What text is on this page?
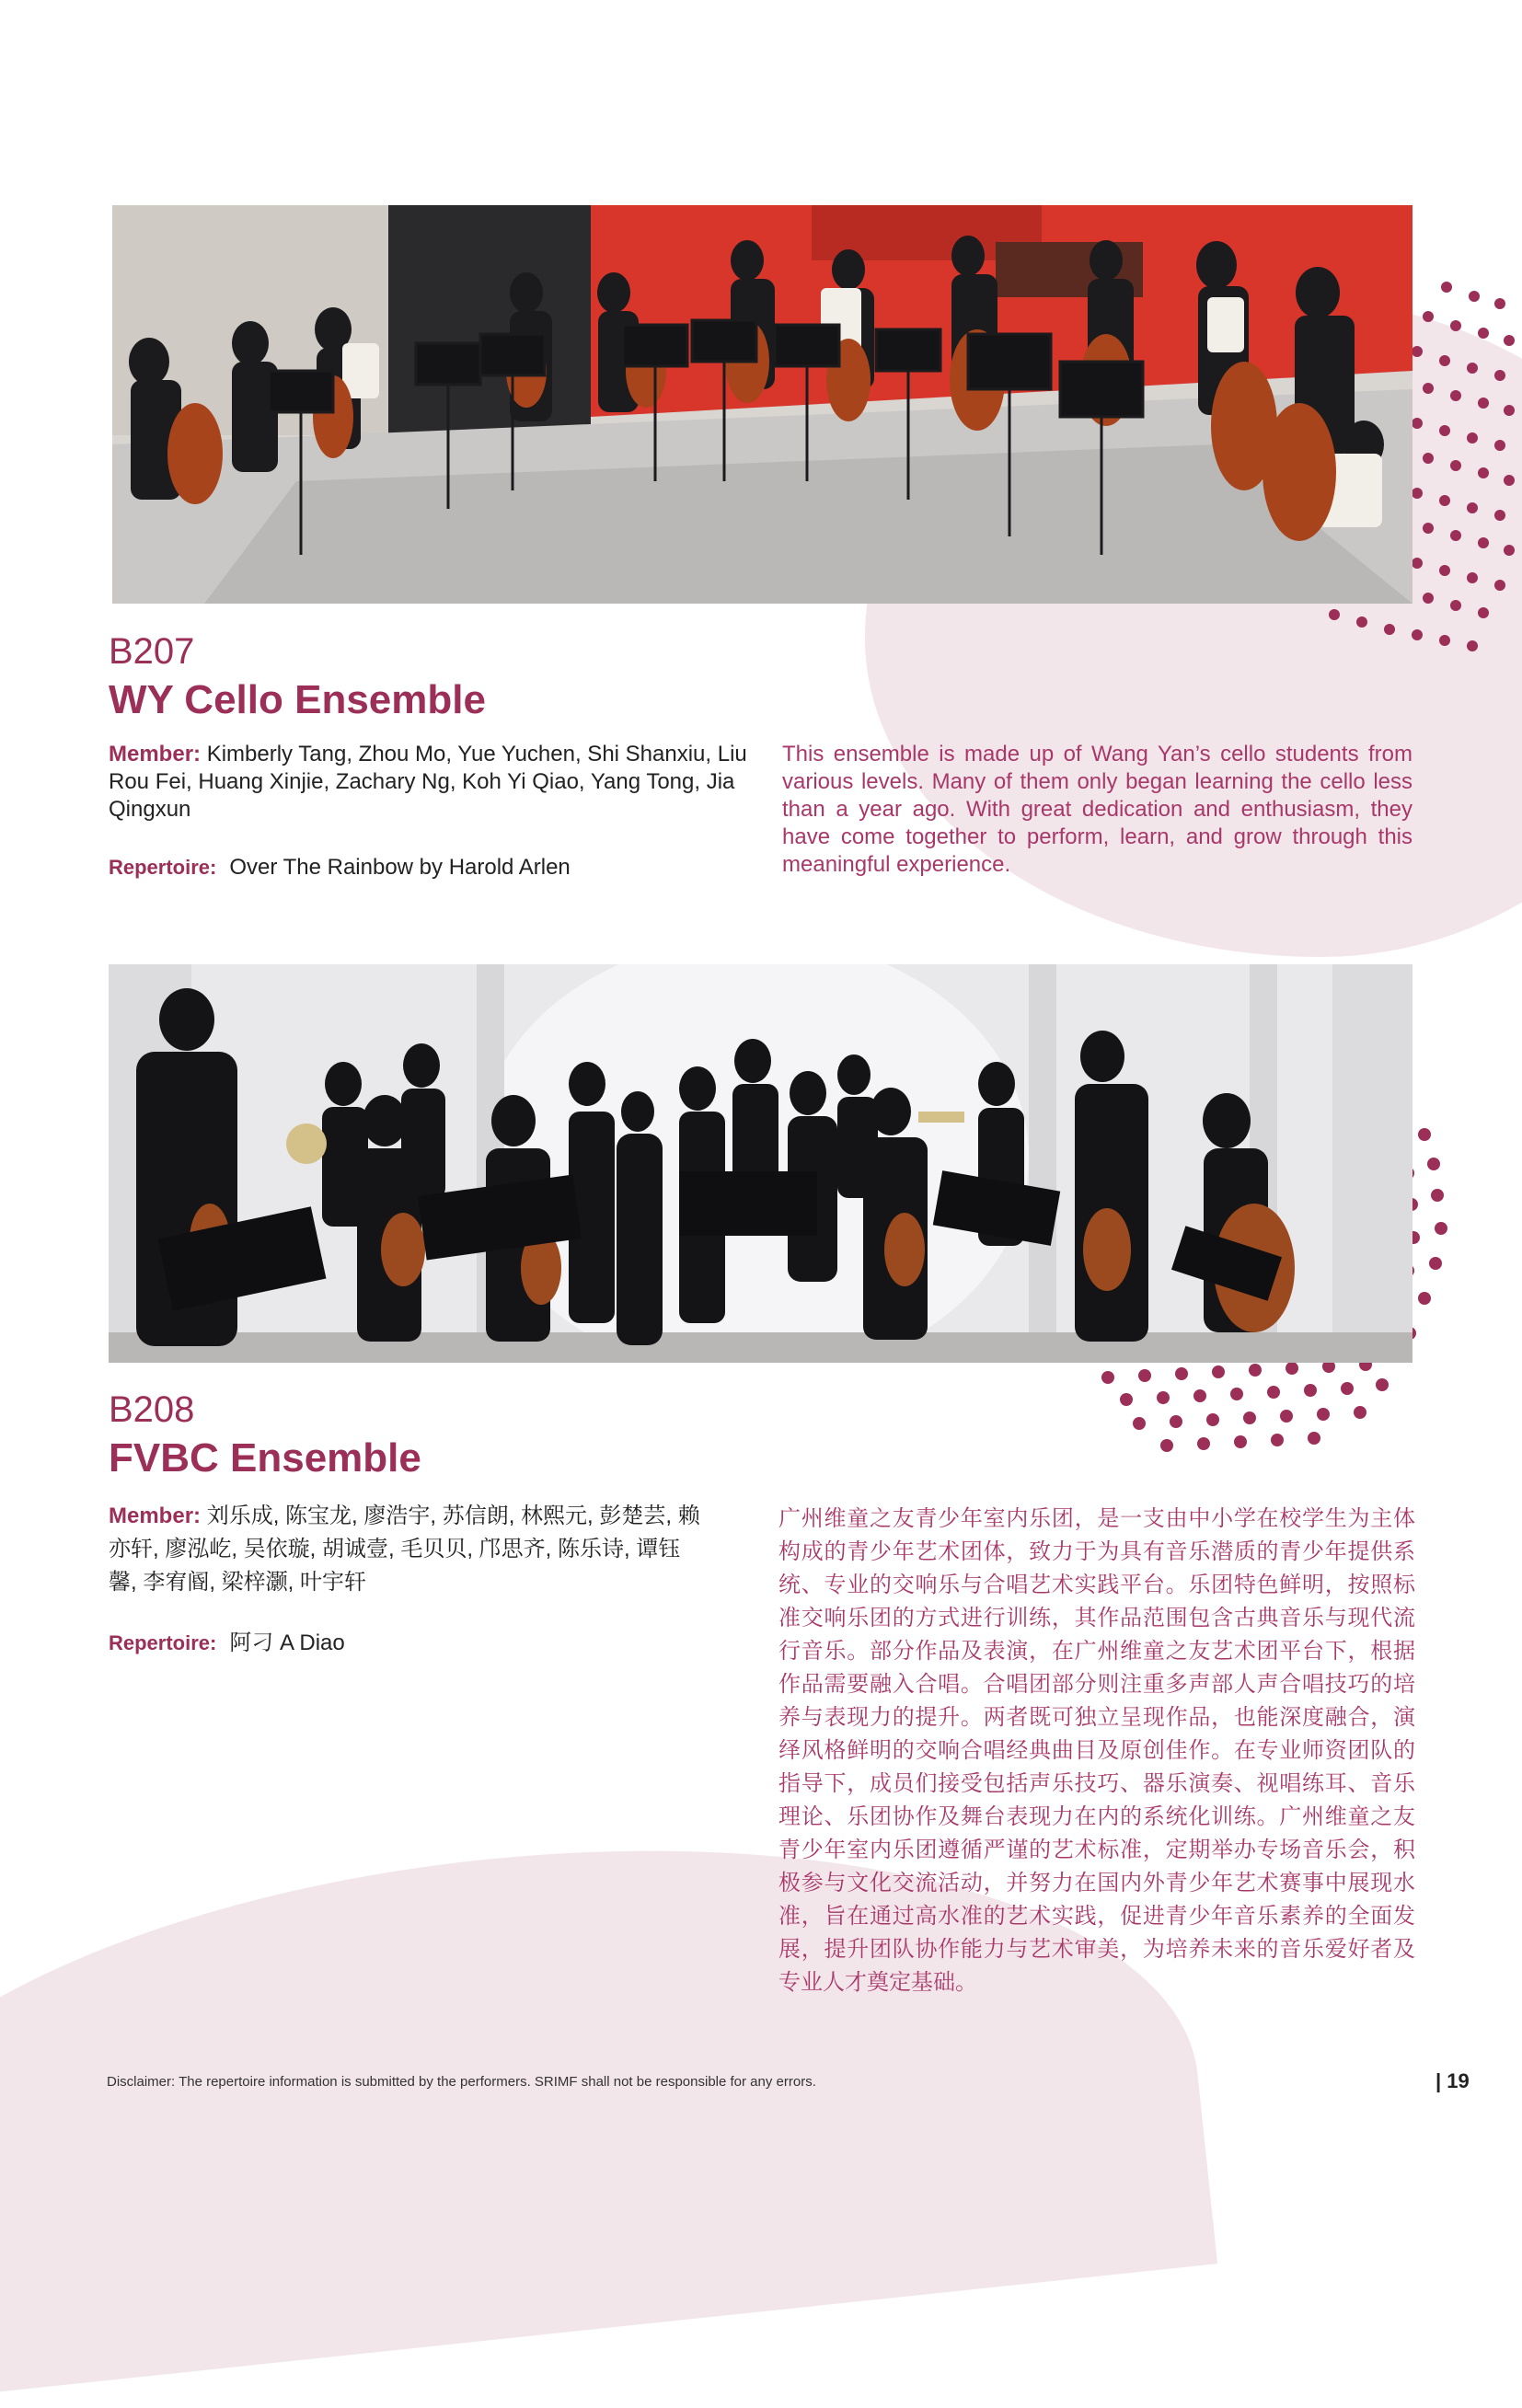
B207
WY Cello Ensemble
Member: Kimberly Tang, Zhou Mo, Yue Yuchen, Shi Shanxiu, Liu Rou Fei, Huang Xinjie, Zachary Ng, Koh Yi Qiao, Yang Tong, Jia Qingxun
Repertoire: Over The Rainbow by Harold Arlen
This ensemble is made up of Wang Yan’s cello students from various levels. Many of them only began learning the cello less than a year ago. With great dedication and enthusiasm, they have come together to perform, learn, and grow through this meaningful experience.
B208
FVBC Ensemble
Member: 刘乐成, 陈宝龙, 廖浩宇, 苏信朗, 林熙元, 彭楚芸, 赖亦轩, 廖泓屹, 吴依璇, 胡诚壹, 毛贝贝, 邝思齐, 陈乐诗, 谭钰馨, 李宥阍, 梁梓灏, 叶宇轩
Repertoire: 阿刁 A Diao
广州维童之友青少年室内乐团，是一支由中小学在校学生为主体构成的青少年艺术团体，致力于为具有音乐潜质的青少年提供系统、专业的交响乐与合唱艺术实践平台。乐团特色鲜明，按照标准交响乐团的方式进行训练，其作品范围包含古典音乐与现代流行音乐。部分作品及表演，在广州维童之友艺术团平台下，根据作品需要融入合唱。合唱团部分则注重多声部人声合唱技巧的培养与表现力的提升。两者既可独立呈现作品，也能深度融合，演绎风格鲜明的交响合唱经典曲目及原创佳作。在专业师资团队的指导下，成员们接受包括声乐技巧、器乐演奏、视唱练耳、音乐理论、乐团协作及舞台表现力在内的系统化训练。广州维童之友青少年室内乐团遵循严谨的艺术标准，定期举办专场音乐会，积极参与文化交流活动，并努力在国内外青少年艺术赛事中展现水准，旨在通过高水准的艺术实践，促进青少年音乐素养的全面发展，提升团队协作能力与艺术审美，为培养未来的音乐爱好者及专业人才奠定基础。
Disclaimer: The repertoire information is submitted by the performers. SRIMF shall not be responsible for any errors.	| 19
